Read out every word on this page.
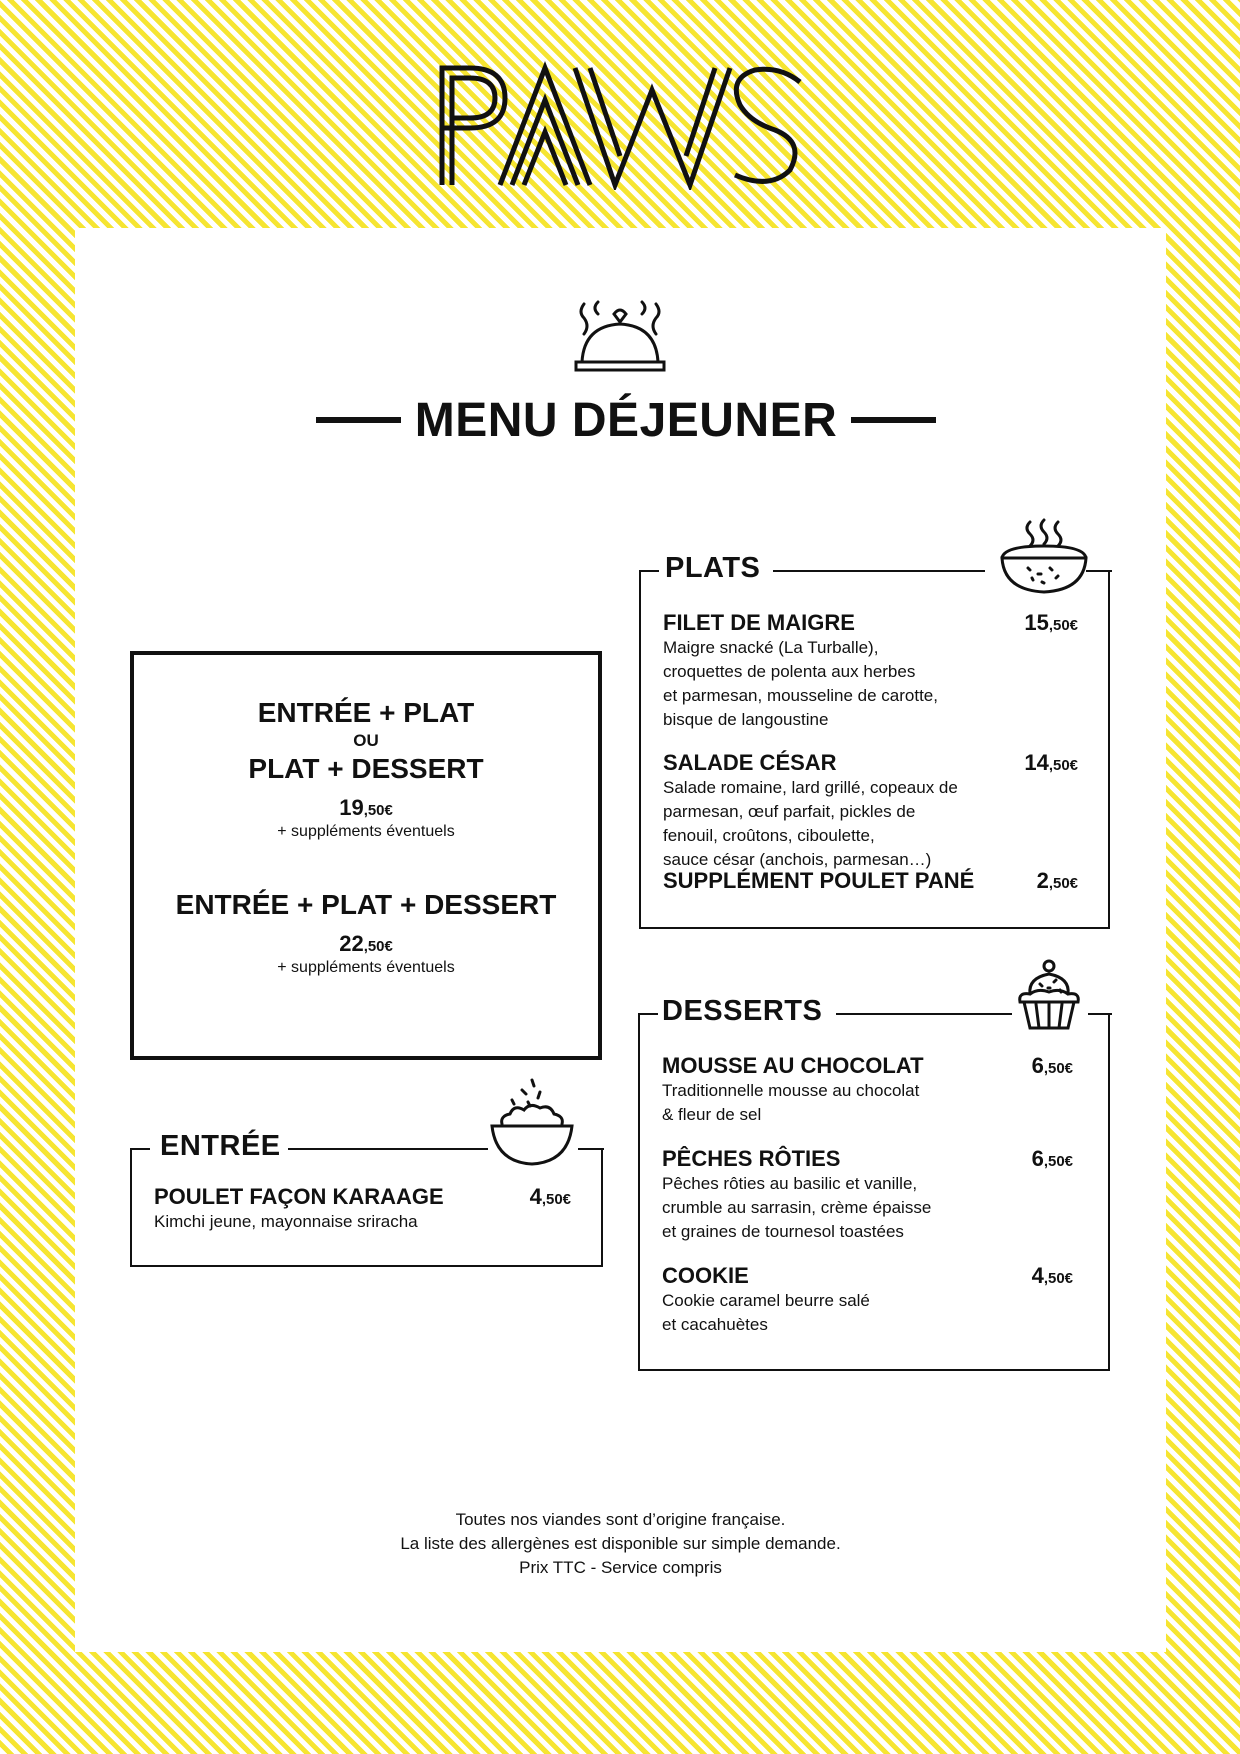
MENU DÉJEUNER
ENTRÉE + PLAT
OU
PLAT + DESSERT
19,50€
+ suppléments éventuels
ENTRÉE + PLAT + DESSERT
22,50€
+ suppléments éventuels
ENTRÉE
POULET FAÇON KARAAGE	4,50€
Kimchi jeune, mayonnaise sriracha
PLATS
FILET DE MAIGRE	15,50€
Maigre snacké (La Turballe),
croquettes de polenta aux herbes
et parmesan, mousseline de carotte,
bisque de langoustine
SALADE CÉSAR	14,50€
Salade romaine, lard grillé, copeaux de
parmesan, œuf parfait, pickles de
fenouil, croûtons, ciboulette,
sauce césar (anchois, parmesan…)
SUPPLÉMENT POULET PANÉ	2,50€
DESSERTS
MOUSSE AU CHOCOLAT	6,50€
Traditionnelle mousse au chocolat
& fleur de sel
PÊCHES RÔTIES	6,50€
Pêches rôties au basilic et vanille,
crumble au sarrasin, crème épaisse
et graines de tournesol toastées
COOKIE	4,50€
Cookie caramel beurre salé
et cacahuètes
Toutes nos viandes sont d’origine française.
La liste des allergènes est disponible sur simple demande.
Prix TTC - Service compris
